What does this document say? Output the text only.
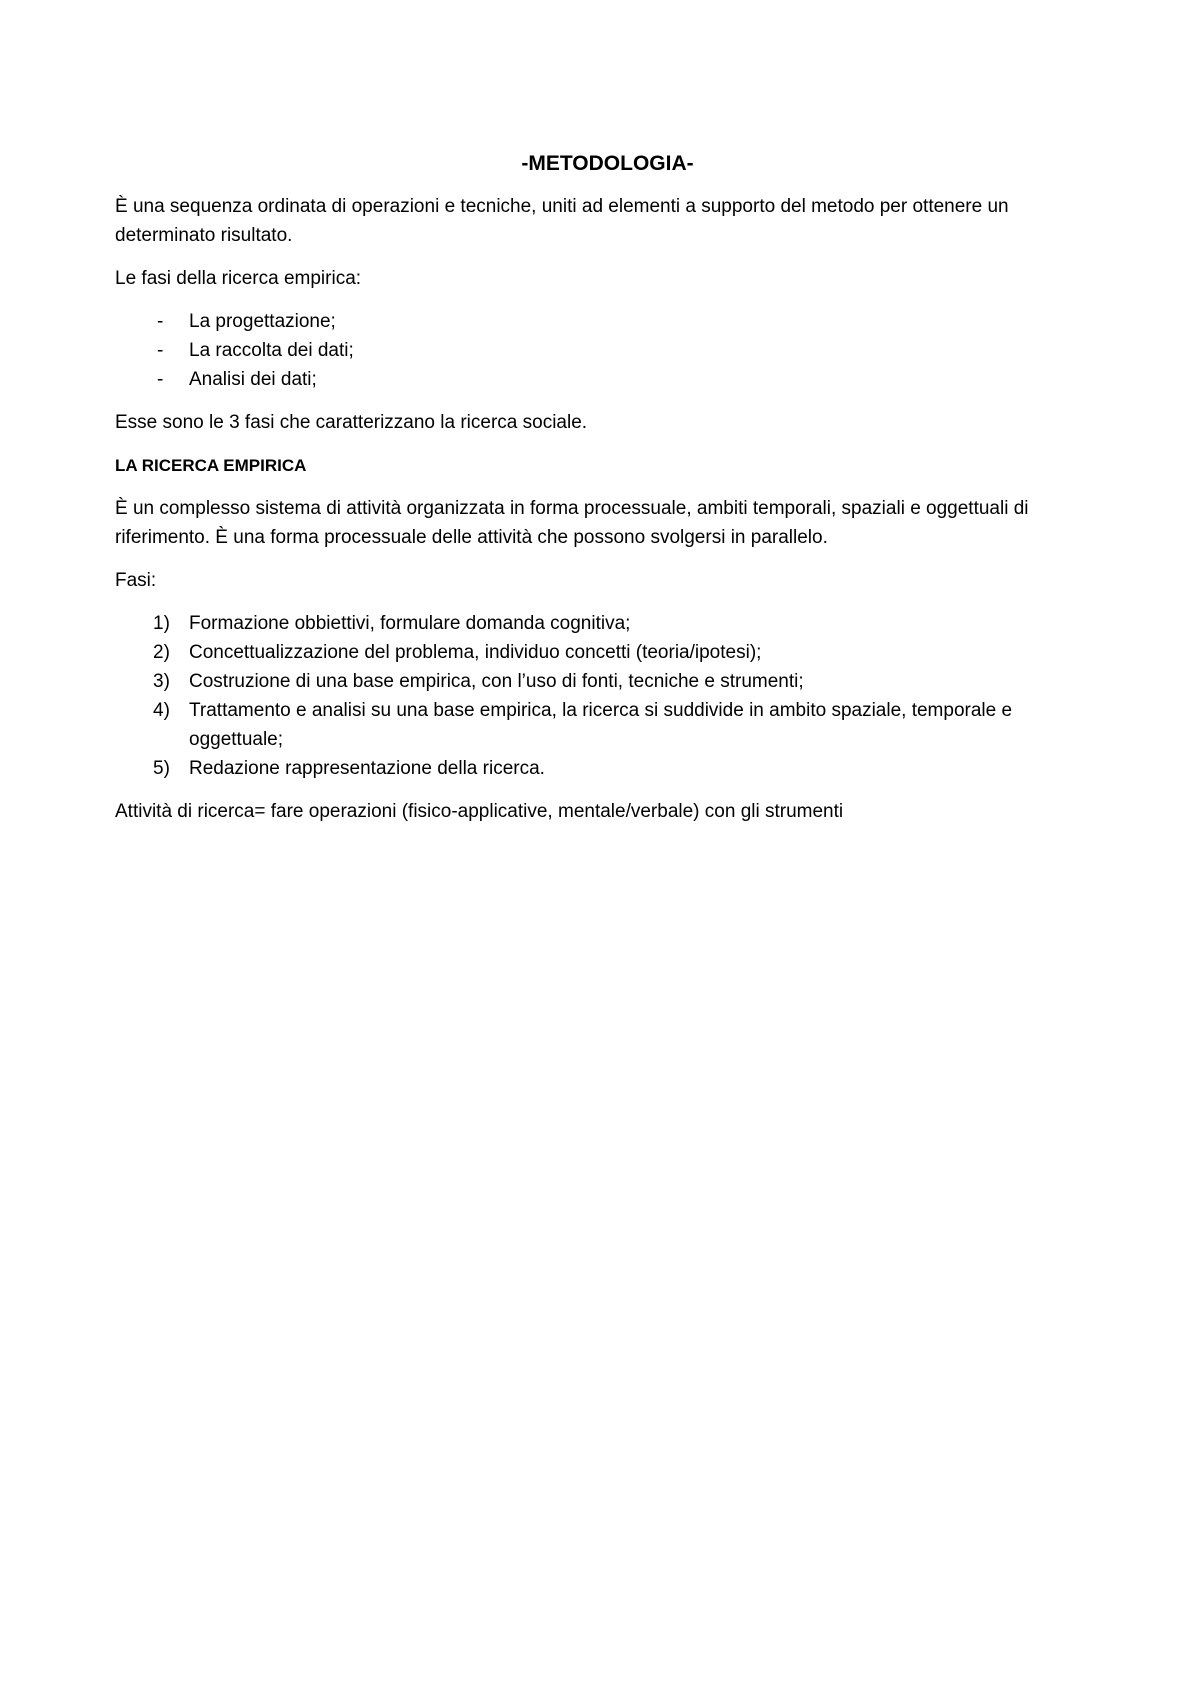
-METODOLOGIA-

È una sequenza ordinata di operazioni e tecniche, uniti ad elementi a supporto del metodo per ottenere un determinato risultato.

Le fasi della ricerca empirica:

- La progettazione;
- La raccolta dei dati;
- Analisi dei dati;

Esse sono le 3 fasi che caratterizzano la ricerca sociale.

LA RICERCA EMPIRICA

È un complesso sistema di attività organizzata in forma processuale, ambiti temporali, spaziali e oggettuali di riferimento. È una forma processuale delle attività che possono svolgersi in parallelo.

Fasi:

1) Formazione obbiettivi, formulare domanda cognitiva;
2) Concettualizzazione del problema, individuo concetti (teoria/ipotesi);
3) Costruzione di una base empirica, con l’uso di fonti, tecniche e strumenti;
4) Trattamento e analisi su una base empirica, la ricerca si suddivide in ambito spaziale, temporale e oggettuale;
5) Redazione rappresentazione della ricerca.

Attività di ricerca= fare operazioni (fisico-applicative, mentale/verbale) con gli strumenti
